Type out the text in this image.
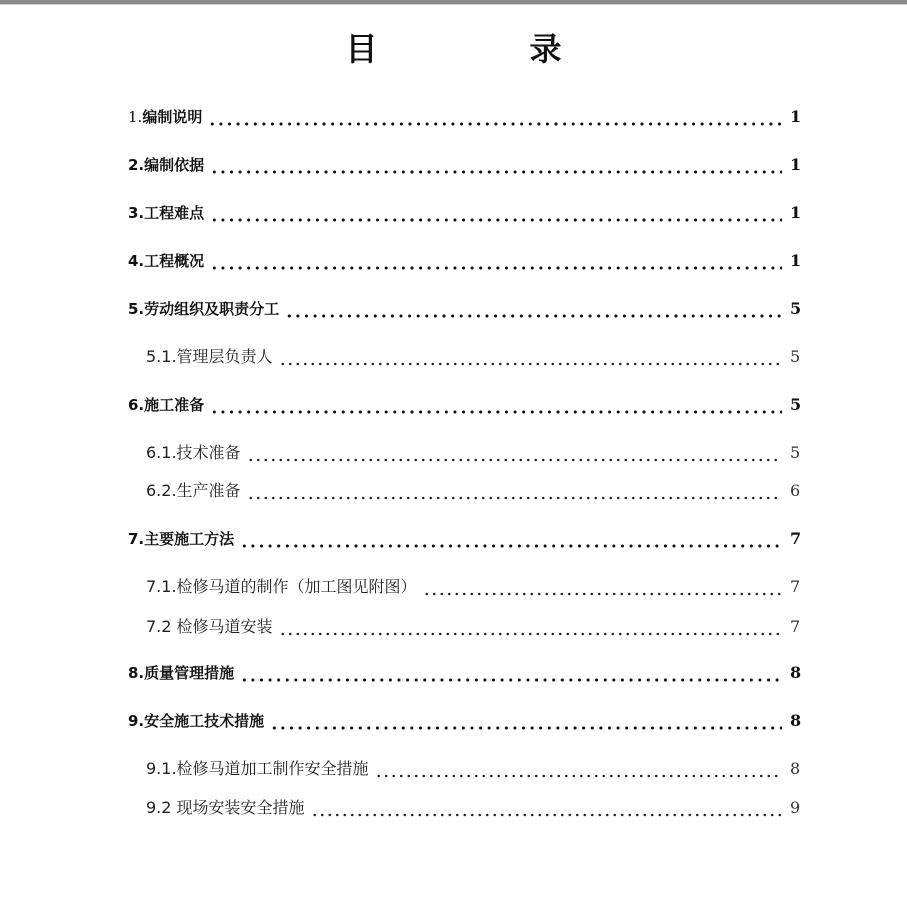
目　录
1.编制说明	1
2.编制依据	1
3.工程难点	1
4.工程概况	1
5.劳动组织及职责分工	5
5.1.管理层负责人	5
6.施工准备	5
6.1.技术准备	5
6.2.生产准备	6
7.主要施工方法	7
7.1.检修马道的制作（加工图见附图）	7
7.2 检修马道安装	7
8.质量管理措施	8
9.安全施工技术措施	8
9.1.检修马道加工制作安全措施	8
9.2 现场安装安全措施	9
